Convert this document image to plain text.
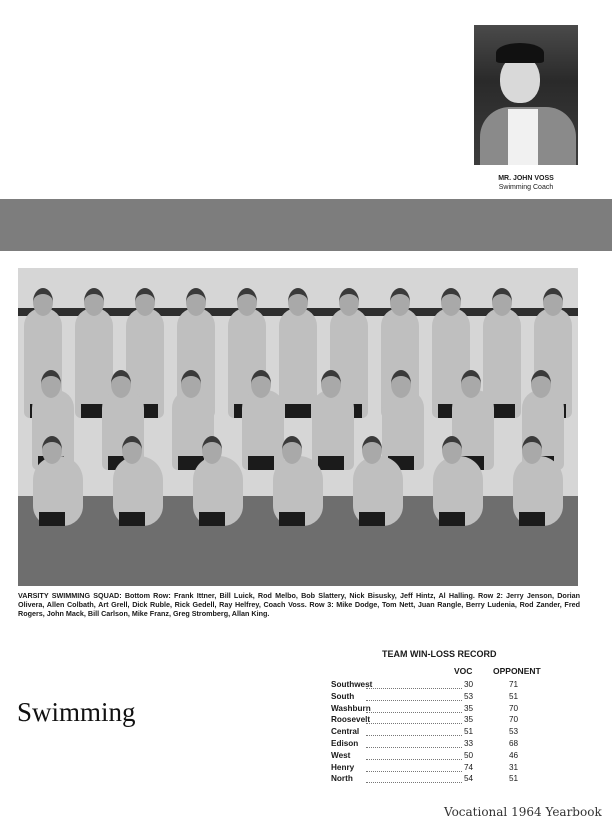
MR. JOHN VOSS
Swimming Coach
VARSITY SWIMMING SQUAD: Bottom Row: Frank Ittner, Bill Luick, Rod Melbo, Bob Slattery, Nick Bisusky, Jeff Hintz, Al Halling. Row 2: Jerry Jenson, Dorian Olivera, Allen Colbath, Art Grell, Dick Ruble, Rick Gedell, Ray Helfrey, Coach Voss. Row 3: Mike Dodge, Tom Nett, Juan Rangle, Berry Ludenia, Rod Zander, Fred Rogers, John Mack, Bill Carlson, Mike Franz, Greg Stromberg, Allan King.
Swimming
TEAM WIN-LOSS RECORD
VOC OPPONENT
Southwest	30	71
South	53	51
Washburn	35	70
Roosevelt	35	70
Central	51	53
Edison	33	68
West	50	46
Henry	74	31
North	54	51
Vocational 1964 Yearbook
